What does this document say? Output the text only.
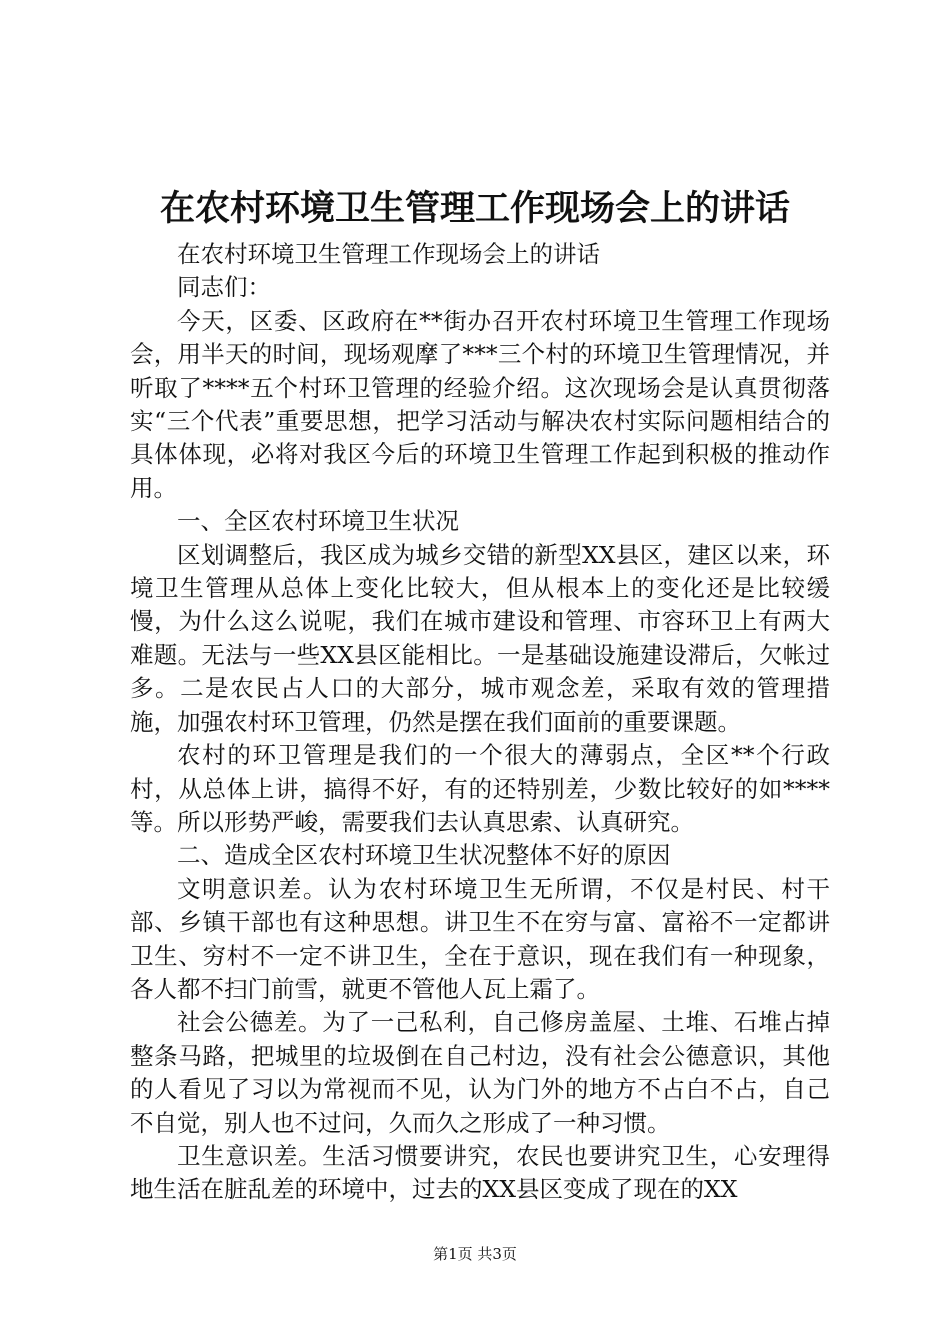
在农村环境卫生管理工作现场会上的讲话

在农村环境卫生管理工作现场会上的讲话

同志们：

今天，区委、区政府在**街办召开农村环境卫生管理工作现场会，用半天的时间，现场观摩了***三个村的环境卫生管理情况，并听取了****五个村环卫管理的经验介绍。这次现场会是认真贯彻落实“三个代表”重要思想，把学习活动与解决农村实际问题相结合的具体体现，必将对我区今后的环境卫生管理工作起到积极的推动作用。

一、全区农村环境卫生状况

区划调整后，我区成为城乡交错的新型XX县区，建区以来，环境卫生管理从总体上变化比较大，但从根本上的变化还是比较缓慢，为什么这么说呢，我们在城市建设和管理、市容环卫上有两大难题。无法与一些XX县区能相比。一是基础设施建设滞后，欠帐过多。二是农民占人口的大部分，城市观念差，采取有效的管理措施，加强农村环卫管理，仍然是摆在我们面前的重要课题。

农村的环卫管理是我们的一个很大的薄弱点，全区**个行政村，从总体上讲，搞得不好，有的还特别差，少数比较好的如****等。所以形势严峻，需要我们去认真思索、认真研究。

二、造成全区农村环境卫生状况整体不好的原因

文明意识差。认为农村环境卫生无所谓，不仅是村民、村干部、乡镇干部也有这种思想。讲卫生不在穷与富、富裕不一定都讲卫生、穷村不一定不讲卫生，全在于意识，现在我们有一种现象，各人都不扫门前雪，就更不管他人瓦上霜了。

社会公德差。为了一己私利，自己修房盖屋、土堆、石堆占掉整条马路，把城里的垃圾倒在自己村边，没有社会公德意识，其他的人看见了习以为常视而不见，认为门外的地方不占白不占，自己不自觉，别人也不过问，久而久之形成了一种习惯。

卫生意识差。生活习惯要讲究，农民也要讲究卫生，心安理得地生活在脏乱差的环境中，过去的XX县区变成了现在的XX

第1页 共3页
